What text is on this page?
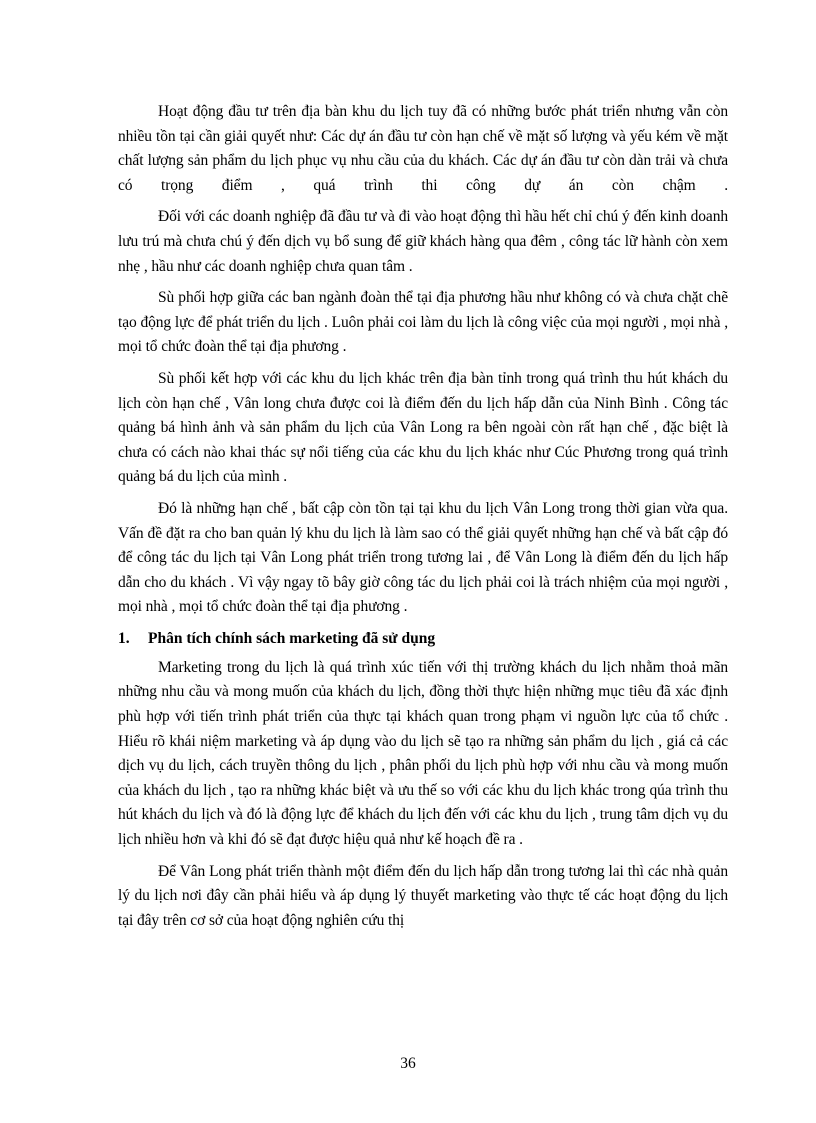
Hoạt động đầu tư trên địa bàn khu du lịch tuy đã có những bước phát triển nhưng vẫn còn nhiều tồn tại cần giải quyết như: Các dự án đầu tư còn hạn chế về mặt số lượng và yếu kém về mặt chất lượng sản phẩm du lịch phục vụ nhu cầu của du khách. Các dự án đầu tư còn dàn trải và chưa có trọng điểm , quá trình thi công dự án còn chậm .

Đối với các doanh nghiệp đã đầu tư và đi vào hoạt động thì hầu hết chỉ chú ý đến kinh doanh lưu trú mà chưa chú ý đến dịch vụ bổ sung để giữ khách hàng qua đêm , công tác lữ hành còn xem nhẹ , hầu như các doanh nghiệp chưa quan tâm .

Sù phối hợp giữa các ban ngành đoàn thể tại địa phương hầu như không có và chưa chặt chẽ tạo động lực để phát triển du lịch . Luôn phải coi làm du lịch là công việc của mọi người , mọi nhà , mọi tổ chức đoàn thể tại địa phương .

Sù phối kết hợp với các khu du lịch khác trên địa bàn tỉnh trong quá trình thu hút khách du lịch còn hạn chế , Vân long chưa được coi là điểm đến du lịch hấp dẫn của Ninh Bình . Công tác quảng bá hình ảnh và sản phẩm du lịch của Vân Long ra bên ngoài còn rất hạn chế , đặc biệt là chưa có cách nào khai thác sự nổi tiếng của các khu du lịch khác như Cúc Phương trong quá trình quảng bá du lịch của mình .

Đó là những hạn chế , bất cập còn tồn tại tại khu du lịch Vân Long trong thời gian vừa qua. Vấn đề đặt ra cho ban quản lý khu du lịch là làm sao có thể giải quyết những hạn chế và bất cập đó để công tác du lịch tại Vân Long phát triển trong tương lai , để Vân Long là điểm đến du lịch hấp dẫn cho du khách . Vì vậy ngay tõ bây giờ công tác du lịch phải coi là trách nhiệm của mọi người , mọi nhà , mọi tổ chức đoàn thể tại địa phương .

1.	Phân tích chính sách marketing đã sử dụng

Marketing trong du lịch là quá trình xúc tiến với thị trường khách du lịch nhằm thoả mãn những nhu cầu và mong muốn của khách du lịch, đồng thời thực hiện những mục tiêu đã xác định phù hợp với tiến trình phát triển của thực tại khách quan trong phạm vi nguồn lực của tổ chức . Hiểu rõ khái niệm marketing và áp dụng vào du lịch sẽ tạo ra những sản phẩm du lịch , giá cả các dịch vụ du lịch, cách truyền thông du lịch , phân phối du lịch phù hợp với nhu cầu và mong muốn của khách du lịch , tạo ra những khác biệt và ưu thế so với các khu du lịch khác trong qúa trình thu hút khách du lịch và đó là động lực để khách du lịch đến với các khu du lịch , trung tâm dịch vụ du lịch nhiều hơn và khi đó sẽ đạt được hiệu quả như kế hoạch đề ra .

Để Vân Long phát triển thành một điểm đến du lịch hấp dẫn trong tương lai thì các nhà quản lý du lịch nơi đây cần phải hiểu và áp dụng lý thuyết marketing vào thực tế các hoạt động du lịch tại đây trên cơ sở của hoạt động nghiên cứu thị

36
